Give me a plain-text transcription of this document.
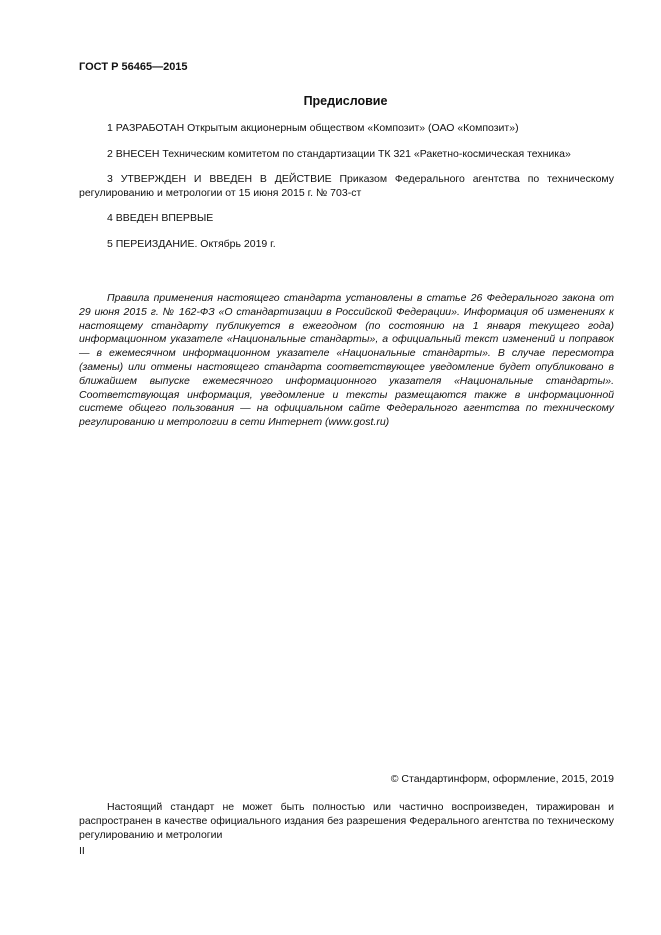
ГОСТ Р 56465—2015
Предисловие

1 РАЗРАБОТАН Открытым акционерным обществом «Композит» (ОАО «Композит»)

2 ВНЕСЕН Техническим комитетом по стандартизации ТК 321 «Ракетно-космическая техника»

3 УТВЕРЖДЕН И ВВЕДЕН В ДЕЙСТВИЕ Приказом Федерального агентства по техническому регулированию и метрологии от 15 июня 2015 г. № 703-ст

4 ВВЕДЕН ВПЕРВЫЕ

5 ПЕРЕИЗДАНИЕ. Октябрь 2019 г.

Правила применения настоящего стандарта установлены в статье 26 Федерального закона от 29 июня 2015 г. № 162-ФЗ «О стандартизации в Российской Федерации». Информация об изменениях к настоящему стандарту публикуется в ежегодном (по состоянию на 1 января текущего года) информационном указателе «Национальные стандарты», а официальный текст изменений и поправок — в ежемесячном информационном указателе «Национальные стандарты». В случае пересмотра (замены) или отмены настоящего стандарта соответствующее уведомление будет опубликовано в ближайшем выпуске ежемесячного информационного указателя «Национальные стандарты». Соответствующая информация, уведомление и тексты размещаются также в информационной системе общего пользования — на официальном сайте Федерального агентства по техническому регулированию и метрологии в сети Интернет (www.gost.ru)

© Стандартинформ, оформление, 2015, 2019

Настоящий стандарт не может быть полностью или частично воспроизведен, тиражирован и распространен в качестве официального издания без разрешения Федерального агентства по техническому регулированию и метрологии

II
